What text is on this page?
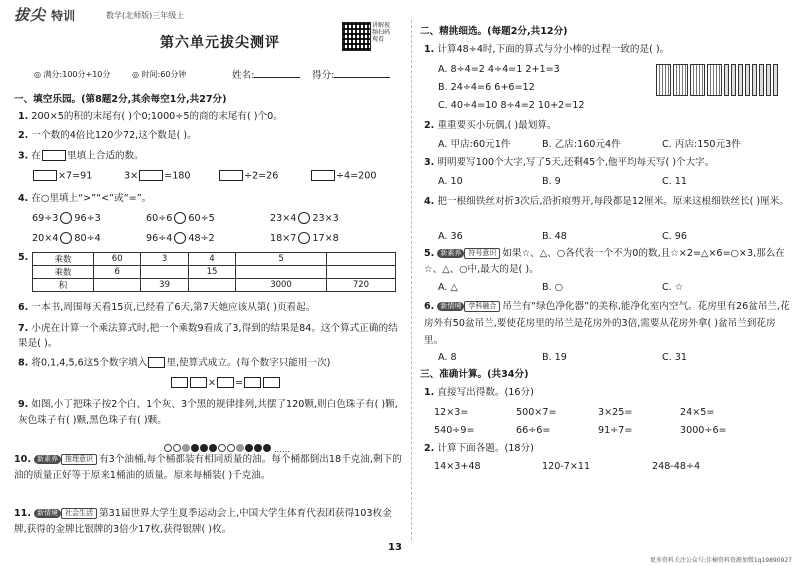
拔尖 特训	数学(北师版)三年级上
讲解视频扫码观看
第六单元拔尖测评
◎ 满分:100分+10分	◎ 时间:60分钟	姓名:	得分:
一、填空乐园。(第8题2分,其余每空1分,共27分)
1. 200×5的积的末尾有( )个0;1000÷5的商的末尾有( )个0。
2. 一个数的4倍比120少72,这个数是( )。
3. 在	里填上合适的数。
×7=91	3×	=180	÷2=26	÷4=200
4. 在○里填上“>”“<”或“=”。
69÷3 96÷3	60÷6 60÷5	23×4 23×3
20×4 80÷4	96÷4 48÷2	18×7 17×8
5.	乘数	60	3	4	5	
乘数	6		15		
积		39		3000	720
6. 一本书,周围每天看15页,已经看了6天,第7天她应该从第( )页看起。
7. 小虎在计算一个乘法算式时,把一个乘数9看成了3,得到的结果是84。这个算式正确的结果是( )。
8. 将0,1,4,5,6这5个数字填入 里,使算式成立。(每个数字只能用一次)
× =
9. 如图,小丁把珠子按2个白、1个灰、3个黑的规律排列,共摆了120颗,则白色珠子有( )颗,灰色珠子有( )颗,黑色珠子有( )颗。
……
10. 新素养 推理意识 有3个油桶,每个桶都装有相同质量的油。每个桶都倒出18千克油,剩下的油的质量正好等于原来1桶油的质量。原来每桶装( )千克油。
11. 新情境 社会生活 第31届世界大学生夏季运动会上,中国大学生体育代表团获得103枚金牌,获得的金牌比银牌的3倍少17枚,获得银牌( )枚。
二、精挑细选。(每题2分,共12分)
1. 计算48÷4时,下面的算式与分小棒的过程一致的是( )。
A. 8÷4=2 4÷4=1 2+1=3
B. 24÷4=6 6+6=12
C. 40÷4=10 8÷4=2 10+2=12
2. 重重要买小玩偶,( )最划算。
A. 甲店:60元1件	B. 乙店:160元4件	C. 丙店:150元3件
3. 明明要写100个大字,写了5天,还剩45个,他平均每天写( )个大字。
A. 10	B. 9	C. 11
4. 把一根细铁丝对折3次后,沿折痕剪开,每段都是12厘米。原来这根细铁丝长( )厘米。
A. 36	B. 48	C. 96
5. 新素养 符号意识 如果☆、△、○各代表一个不为0的数,且☆×2=△×6=○×3,那么在☆、△、○中,最大的是( )。
A. △	B. ○	C. ☆
6. 新情境 学科融合 吊兰有“绿色净化器”的美称,能净化室内空气。花房里有26盆吊兰,花房外有50盆吊兰,要使花房里的吊兰是花房外的3倍,需要从花房外拿( )盆吊兰到花房里。
A. 8	B. 19	C. 31
三、准确计算。(共34分)
1. 直接写出得数。(16分)
12×3=	500×7=	3×25=	24×5=
540÷9=	66÷6=	91÷7=	3000÷6=
2. 计算下面各题。(18分)
14×3+48	120-7×11	248-48÷4
13
更多资料关注公众号:佳楠资料资源加微1q19890927
